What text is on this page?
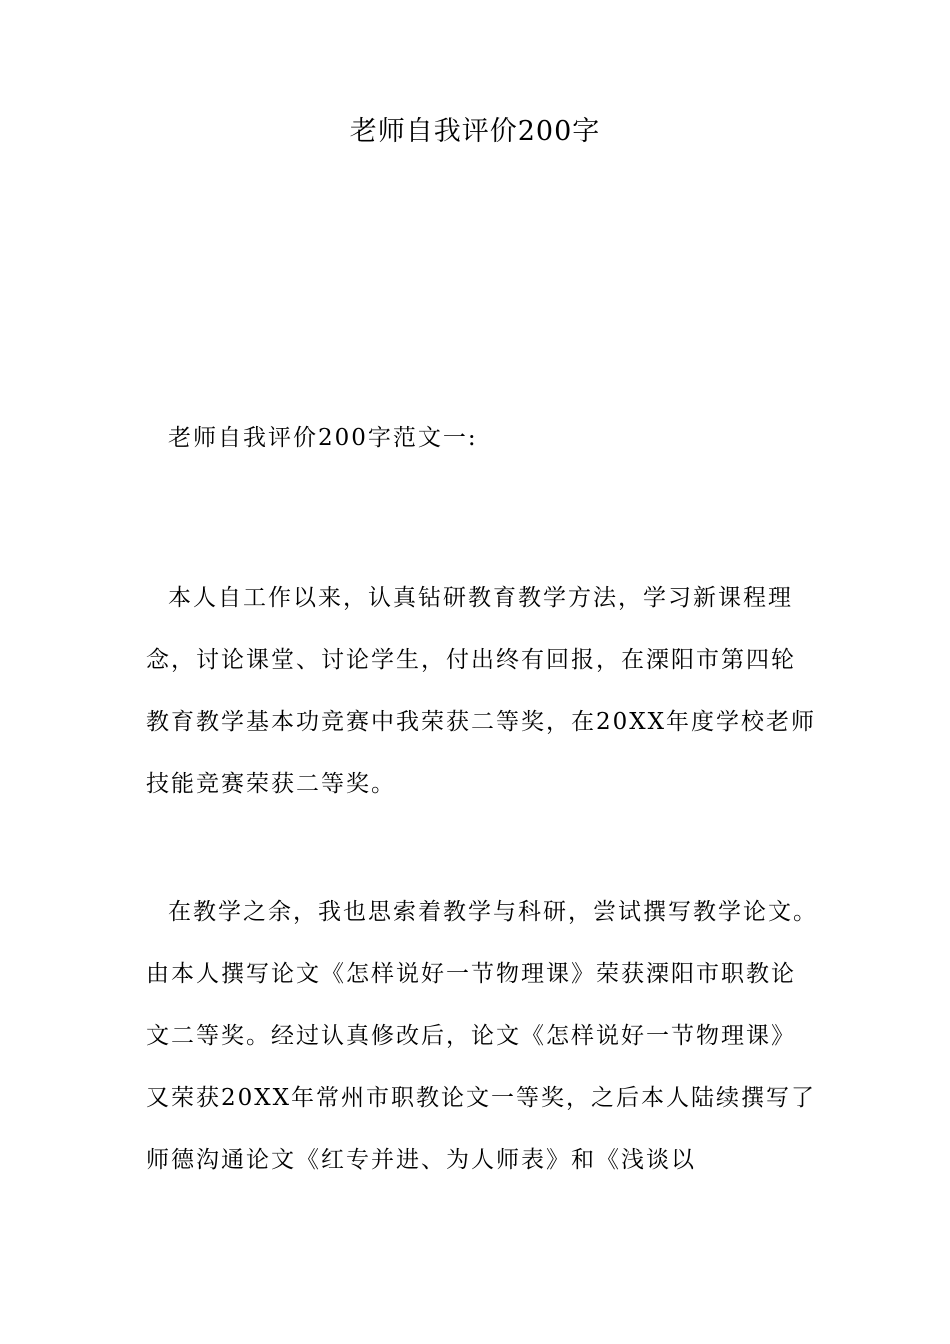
老师自我评价200字
老师自我评价200字范文一:
本人自工作以来，认真钻研教育教学方法，学习新课程理
念，讨论课堂、讨论学生，付出终有回报，在溧阳市第四轮
教育教学基本功竞赛中我荣获二等奖，在20XX年度学校老师
技能竞赛荣获二等奖。
在教学之余，我也思索着教学与科研，尝试撰写教学论文。
由本人撰写论文《怎样说好一节物理课》荣获溧阳市职教论
文二等奖。经过认真修改后，论文《怎样说好一节物理课》
又荣获20XX年常州市职教论文一等奖，之后本人陆续撰写了
师德沟通论文《红专并进、为人师表》和《浅谈以
